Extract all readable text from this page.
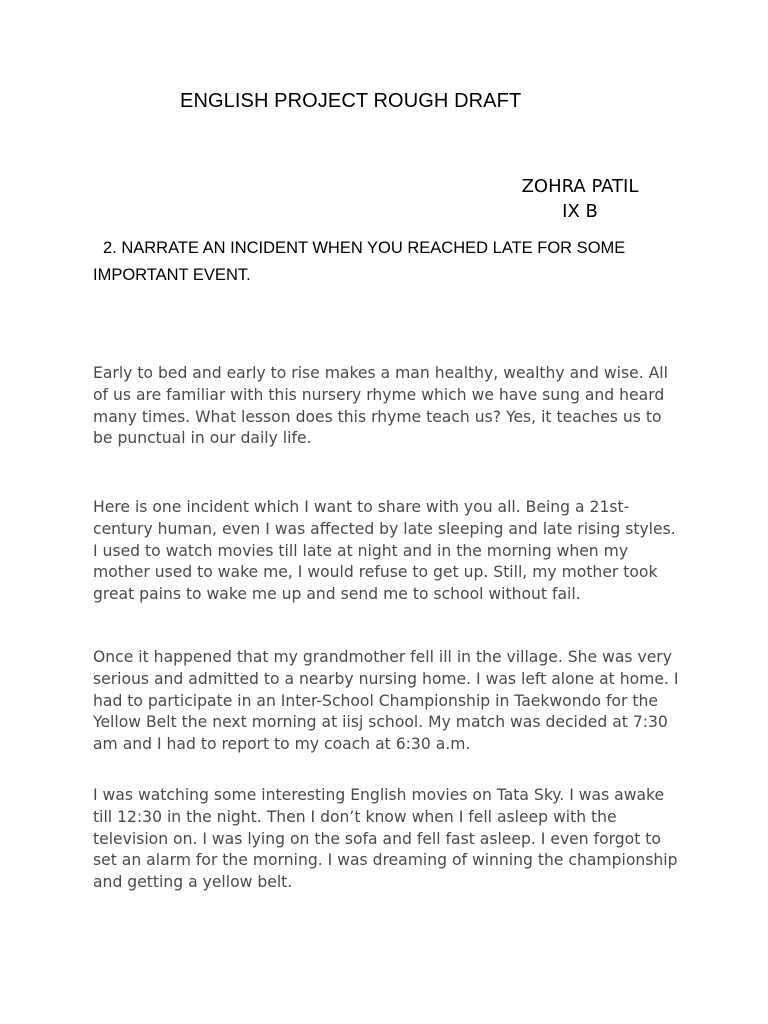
ENGLISH PROJECT ROUGH DRAFT
ZOHRA PATIL
IX B

2. NARRATE AN INCIDENT WHEN YOU REACHED LATE FOR SOME IMPORTANT EVENT.

Early to bed and early to rise makes a man healthy, wealthy and wise. All of us are familiar with this nursery rhyme which we have sung and heard many times. What lesson does this rhyme teach us? Yes, it teaches us to be punctual in our daily life.

Here is one incident which I want to share with you all. Being a 21st-century human, even I was affected by late sleeping and late rising styles. I used to watch movies till late at night and in the morning when my mother used to wake me, I would refuse to get up. Still, my mother took great pains to wake me up and send me to school without fail.

Once it happened that my grandmother fell ill in the village. She was very serious and admitted to a nearby nursing home. I was left alone at home. I had to participate in an Inter-School Championship in Taekwondo for the Yellow Belt the next morning at iisj school. My match was decided at 7:30 am and I had to report to my coach at 6:30 a.m.

I was watching some interesting English movies on Tata Sky. I was awake till 12:30 in the night. Then I don’t know when I fell asleep with the television on. I was lying on the sofa and fell fast asleep. I even forgot to set an alarm for the morning. I was dreaming of winning the championship and getting a yellow belt.
